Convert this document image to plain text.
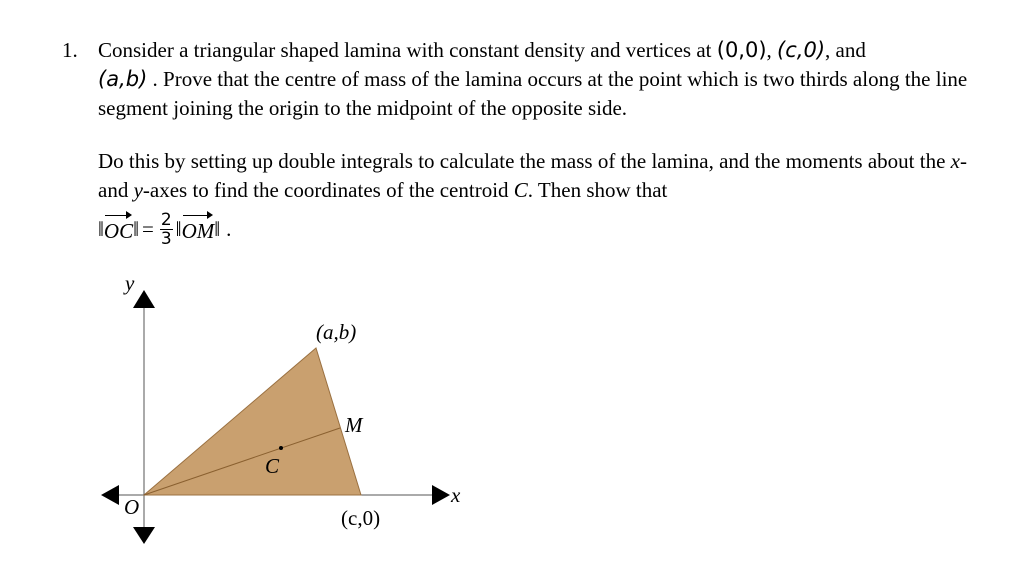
1. Consider a triangular shaped lamina with constant density and vertices at (0,0), (c,0), and
(a,b) . Prove that the centre of mass of the lamina occurs at the point which is two thirds along the line segment joining the origin to the midpoint of the opposite side.

Do this by setting up double integrals to calculate the mass of the lamina, and the moments about the x- and y-axes to find the coordinates of the centroid C. Then show that

‖ OC ‖ = $\frac{2}{3}$ ‖ OM ‖ .
y
x
O
(a,b)
(c,0)
M
C
